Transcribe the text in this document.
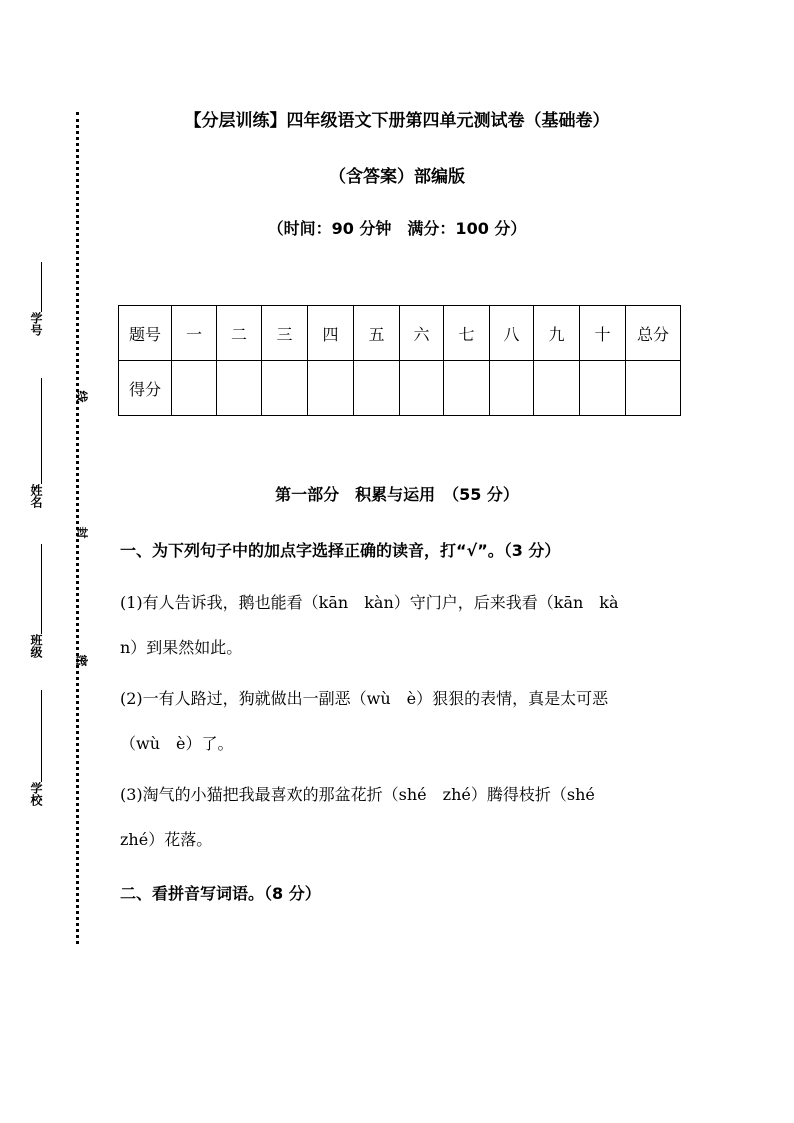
【分层训练】四年级语文下册第四单元测试卷（基础卷）
（含答案）部编版
（时间：90 分钟　满分：100 分）
学号
姓名
班级
学校
线
封
密
题号	一	二	三	四	五	六	七	八	九	十	总分
得分											
第一部分　积累与运用　（55 分）
一、为下列句子中的加点字选择正确的读音，打“√”。（3 分）
(1)有人告诉我，鹅也能看（kān　kàn）守门户，后来我看（kān　kà
n）到果然如此。
(2)一有人路过，狗就做出一副恶（wù　è）狠狠的表情，真是太可恶
（wù　è）了。
(3)淘气的小猫把我最喜欢的那盆花折（shé　zhé）腾得枝折（shé
zhé）花落。
二、看拼音写词语。（8 分）
